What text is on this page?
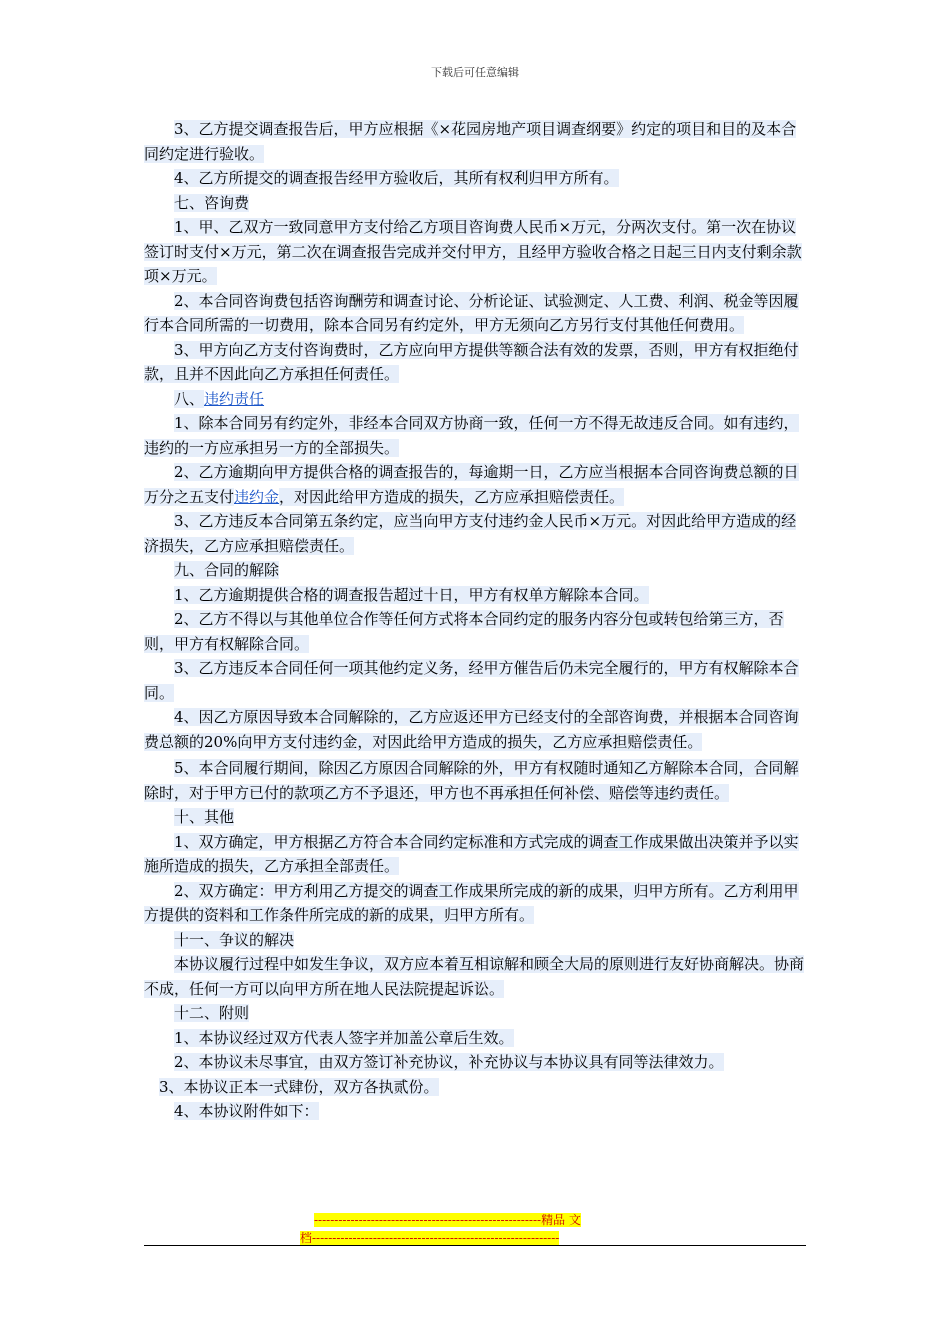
下载后可任意编辑

3、乙方提交调查报告后，甲方应根据《×花园房地产项目调查纲要》约定的项目和目的及本合同约定进行验收。

4、乙方所提交的调查报告经甲方验收后，其所有权利归甲方所有。

七、咨询费

1、甲、乙双方一致同意甲方支付给乙方项目咨询费人民币×万元，分两次支付。第一次在协议签订时支付×万元，第二次在调查报告完成并交付甲方，且经甲方验收合格之日起三日内支付剩余款项×万元。

2、本合同咨询费包括咨询酬劳和调查讨论、分析论证、试验测定、人工费、利润、税金等因履行本合同所需的一切费用，除本合同另有约定外，甲方无须向乙方另行支付其他任何费用。

3、甲方向乙方支付咨询费时，乙方应向甲方提供等额合法有效的发票，否则，甲方有权拒绝付款，且并不因此向乙方承担任何责任。

八、违约责任

1、除本合同另有约定外，非经本合同双方协商一致，任何一方不得无故违反合同。如有违约，违约的一方应承担另一方的全部损失。

2、乙方逾期向甲方提供合格的调查报告的，每逾期一日，乙方应当根据本合同咨询费总额的日万分之五支付违约金，对因此给甲方造成的损失，乙方应承担赔偿责任。

3、乙方违反本合同第五条约定，应当向甲方支付违约金人民币×万元。对因此给甲方造成的经济损失，乙方应承担赔偿责任。

九、合同的解除

1、乙方逾期提供合格的调查报告超过十日，甲方有权单方解除本合同。

2、乙方不得以与其他单位合作等任何方式将本合同约定的服务内容分包或转包给第三方，否则，甲方有权解除合同。

3、乙方违反本合同任何一项其他约定义务，经甲方催告后仍未完全履行的，甲方有权解除本合同。

4、因乙方原因导致本合同解除的，乙方应返还甲方已经支付的全部咨询费，并根据本合同咨询费总额的20%向甲方支付违约金，对因此给甲方造成的损失，乙方应承担赔偿责任。

5、本合同履行期间，除因乙方原因合同解除的外，甲方有权随时通知乙方解除本合同，合同解除时，对于甲方已付的款项乙方不予退还，甲方也不再承担任何补偿、赔偿等违约责任。

十、其他

1、双方确定，甲方根据乙方符合本合同约定标准和方式完成的调查工作成果做出决策并予以实施所造成的损失，乙方承担全部责任。

2、双方确定：甲方利用乙方提交的调查工作成果所完成的新的成果，归甲方所有。乙方利用甲方提供的资料和工作条件所完成的新的成果，归甲方所有。

十一、争议的解决

本协议履行过程中如发生争议，双方应本着互相谅解和顾全大局的原则进行友好协商解决。协商不成，任何一方可以向甲方所在地人民法院提起诉讼。

十二、附则

1、本协议经过双方代表人签字并加盖公章后生效。

2、本协议未尽事宜，由双方签订补充协议，补充协议与本协议具有同等法律效力。

3、本协议正本一式肆份，双方各执贰份。

4、本协议附件如下：

--------------------------------------------------------精品 文
档-------------------------------------------------------------
